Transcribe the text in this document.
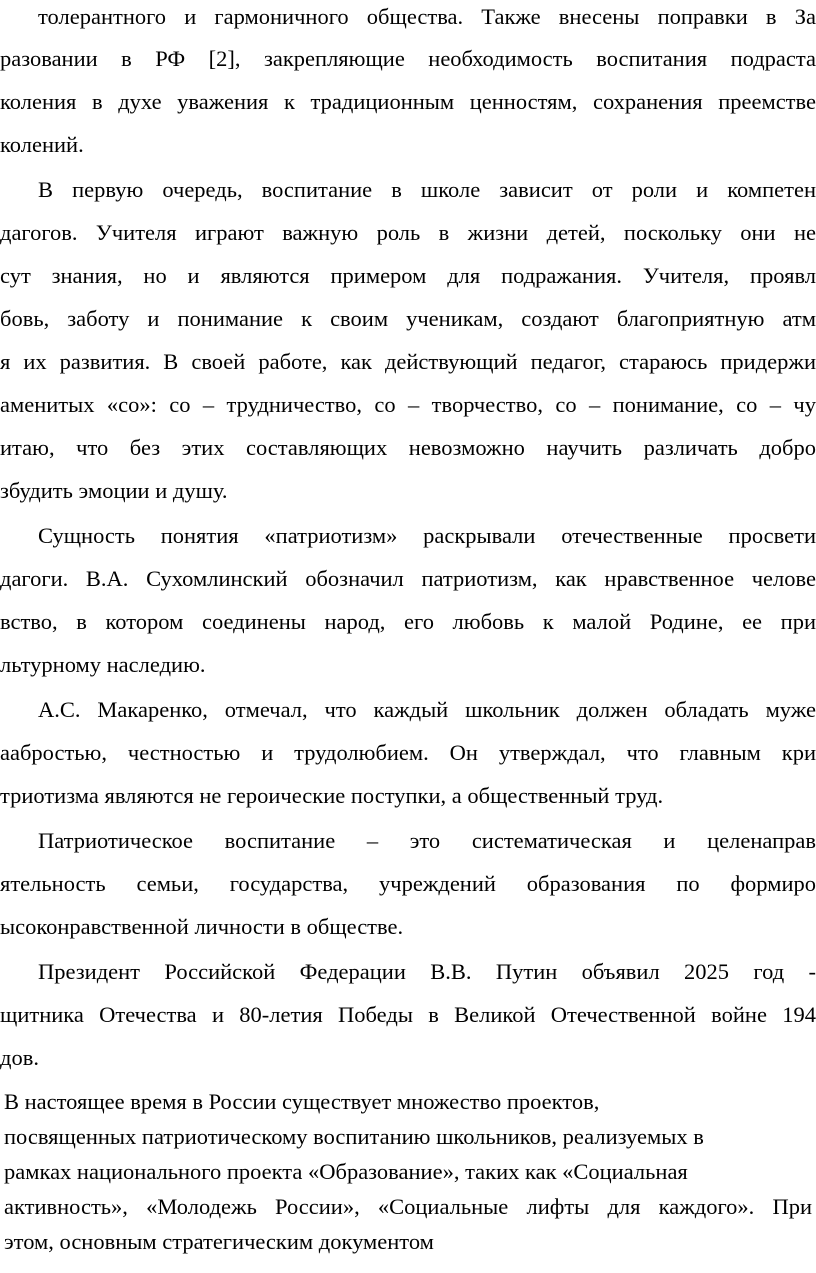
толерантного и гармоничного общества. Также внесены поправки в За
разовании в РФ [2], закрепляющие необходимость воспитания подраста
коления в духе уважения к традиционным ценностям, сохранения преемстве
колений.
В первую очередь, воспитание в школе зависит от роли и компетен
дагогов. Учителя играют важную роль в жизни детей, поскольку они не
сут знания, но и являются примером для подражания. Учителя, проявл
бовь, заботу и понимание к своим ученикам, создают благоприятную атм
я их развития. В своей работе, как действующий педагог, стараюсь придержи
аменитых «со»: со – трудничество, со – творчество, со – понимание, со – чу
итаю, что без этих составляющих невозможно научить различать добро
збудить эмоции и душу.
Сущность понятия «патриотизм» раскрывали отечественные просвети
дагоги. В.А. Сухомлинский обозначил патриотизм, как нравственное челове
вство, в котором соединены народ, его любовь к малой Родине, ее при
льтурному наследию.
А.С. Макаренко, отмечал, что каждый школьник должен обладать муже
аабростью, честностью и трудолюбием. Он утверждал, что главным кри
триотизма являются не героические поступки, а общественный труд.
Патриотическое воспитание – это систематическая и целенаправ
ятельность семьи, государства, учреждений образования по формиро
ысоконравственной личности в обществе.
Президент Российской Федерации В.В. Путин объявил 2025 год -
щитника Отечества и 80-летия Победы в Великой Отечественной войне 194
дов.
В настоящее время в России существует множество проектов,
посвященных патриотическому воспитанию школьников, реализуемых в
рамках национального проекта «Образование», таких как «Социальная
активность», «Молодежь России», «Социальные лифты для каждого». При
этом, основным стратегическим документом
